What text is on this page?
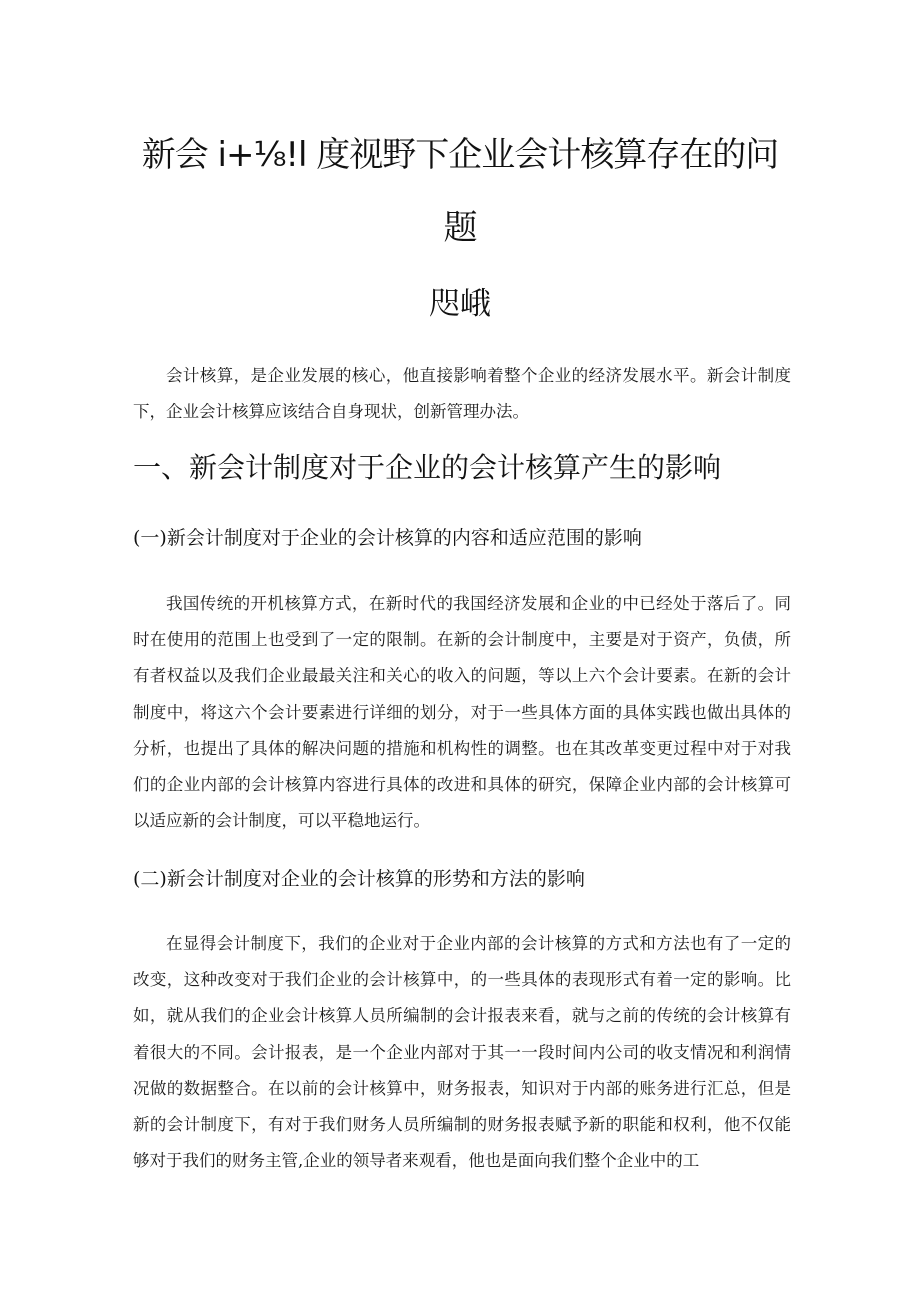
新会 i+⅛!l 度视野下企业会计核算存在的问
题
咫峨

会计核算，是企业发展的核心，他直接影响着整个企业的经济发展水平。新会计制度下，企业会计核算应该结合自身现状，创新管理办法。

一、新会计制度对于企业的会计核算产生的影响
(一)新会计制度对于企业的会计核算的内容和适应范围的影响

我国传统的开机核算方式，在新时代的我国经济发展和企业的中已经处于落后了。同时在使用的范围上也受到了一定的限制。在新的会计制度中，主要是对于资产，负债，所有者权益以及我们企业最最关注和关心的收入的问题，等以上六个会计要素。在新的会计制度中，将这六个会计要素进行详细的划分，对于一些具体方面的具体实践也做出具体的分析，也提出了具体的解决问题的措施和机构性的调整。也在其改革变更过程中对于对我们的企业内部的会计核算内容进行具体的改进和具体的研究，保障企业内部的会计核算可以适应新的会计制度，可以平稳地运行。

(二)新会计制度对企业的会计核算的形势和方法的影响

在显得会计制度下，我们的企业对于企业内部的会计核算的方式和方法也有了一定的改变，这种改变对于我们企业的会计核算中，的一些具体的表现形式有着一定的影响。比如，就从我们的企业会计核算人员所编制的会计报表来看，就与之前的传统的会计核算有着很大的不同。会计报表，是一个企业内部对于其一一段时间内公司的收支情况和利润情况做的数据整合。在以前的会计核算中，财务报表，知识对于内部的账务进行汇总，但是新的会计制度下，有对于我们财务人员所编制的财务报表赋予新的职能和权利，他不仅能够对于我们的财务主管,企业的领导者来观看，他也是面向我们整个企业中的工
